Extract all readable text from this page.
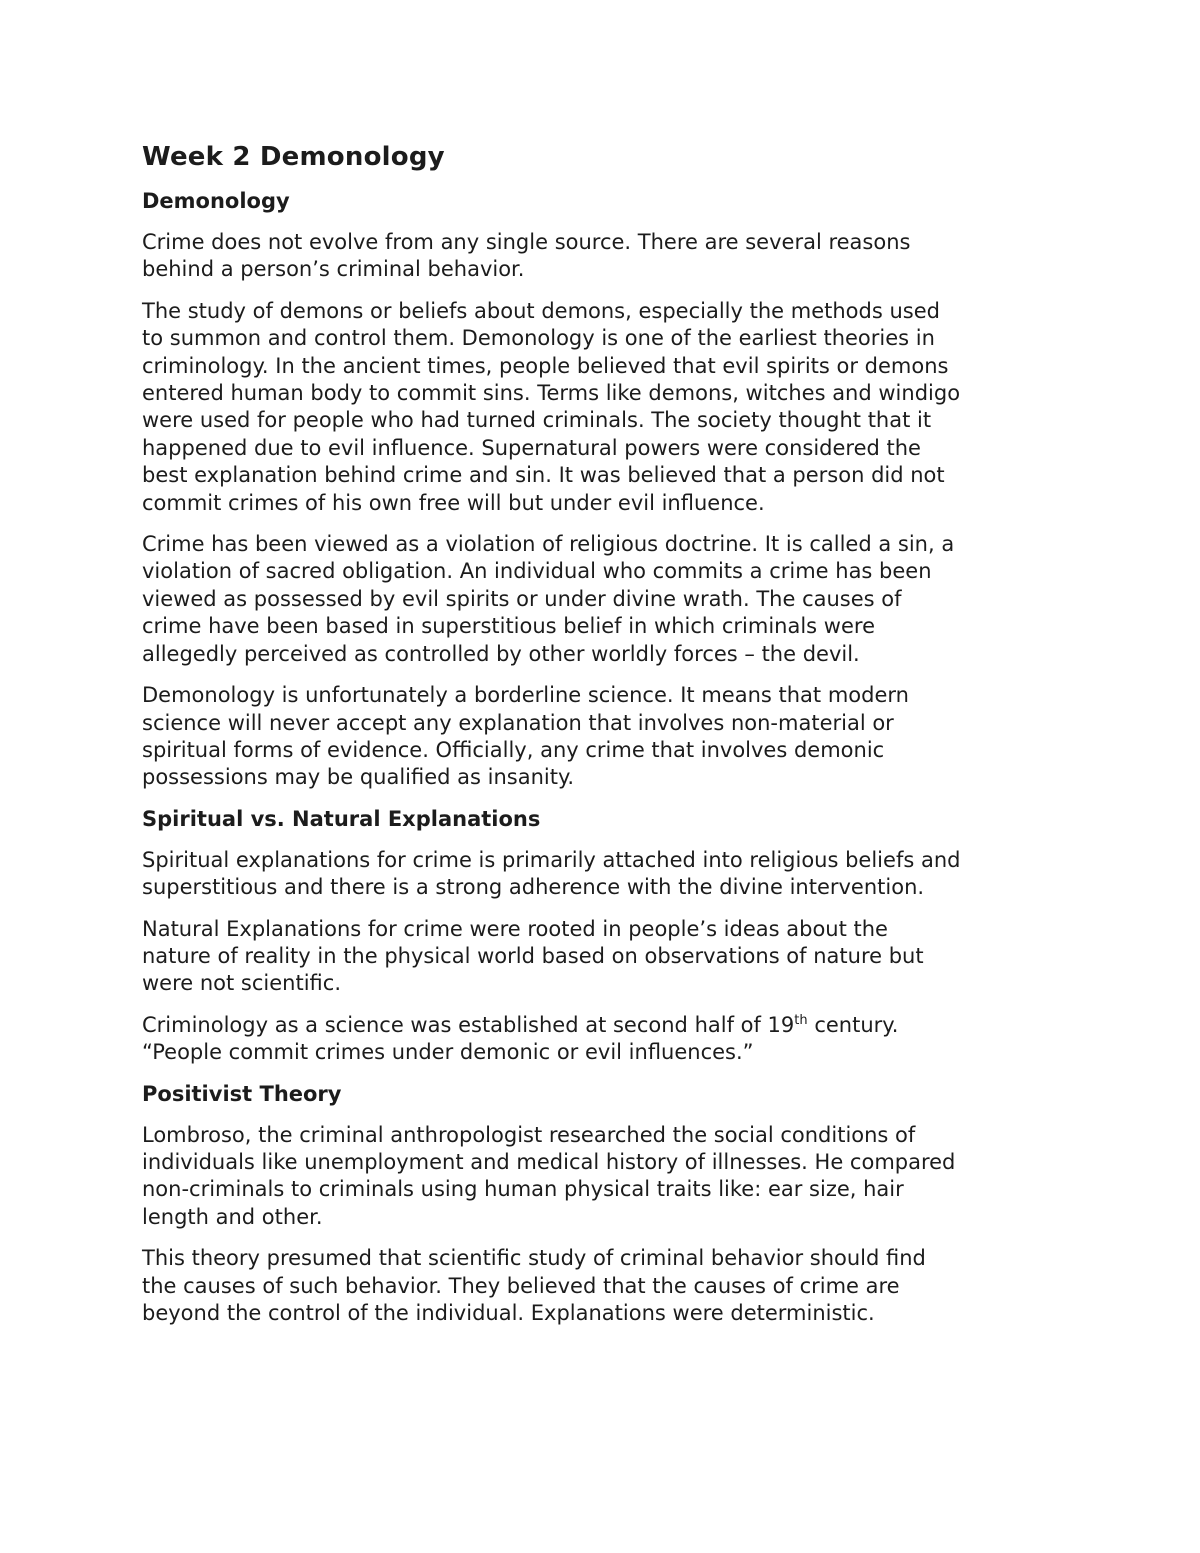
Week 2 Demonology
Demonology
Crime does not evolve from any single source. There are several reasons
behind a person’s criminal behavior.
The study of demons or beliefs about demons, especially the methods used
to summon and control them. Demonology is one of the earliest theories in
criminology. In the ancient times, people believed that evil spirits or demons
entered human body to commit sins. Terms like demons, witches and windigo
were used for people who had turned criminals. The society thought that it
happened due to evil influence. Supernatural powers were considered the
best explanation behind crime and sin. It was believed that a person did not
commit crimes of his own free will but under evil influence.
Crime has been viewed as a violation of religious doctrine. It is called a sin, a
violation of sacred obligation. An individual who commits a crime has been
viewed as possessed by evil spirits or under divine wrath. The causes of
crime have been based in superstitious belief in which criminals were
allegedly perceived as controlled by other worldly forces – the devil.
Demonology is unfortunately a borderline science. It means that modern
science will never accept any explanation that involves non-material or
spiritual forms of evidence. Officially, any crime that involves demonic
possessions may be qualified as insanity.
Spiritual vs. Natural Explanations
Spiritual explanations for crime is primarily attached into religious beliefs and
superstitious and there is a strong adherence with the divine intervention.
Natural Explanations for crime were rooted in people’s ideas about the
nature of reality in the physical world based on observations of nature but
were not scientific.
Criminology as a science was established at second half of 19th century.
“People commit crimes under demonic or evil influences.”
Positivist Theory
Lombroso, the criminal anthropologist researched the social conditions of
individuals like unemployment and medical history of illnesses. He compared
non-criminals to criminals using human physical traits like: ear size, hair
length and other.
This theory presumed that scientific study of criminal behavior should find
the causes of such behavior. They believed that the causes of crime are
beyond the control of the individual. Explanations were deterministic.
